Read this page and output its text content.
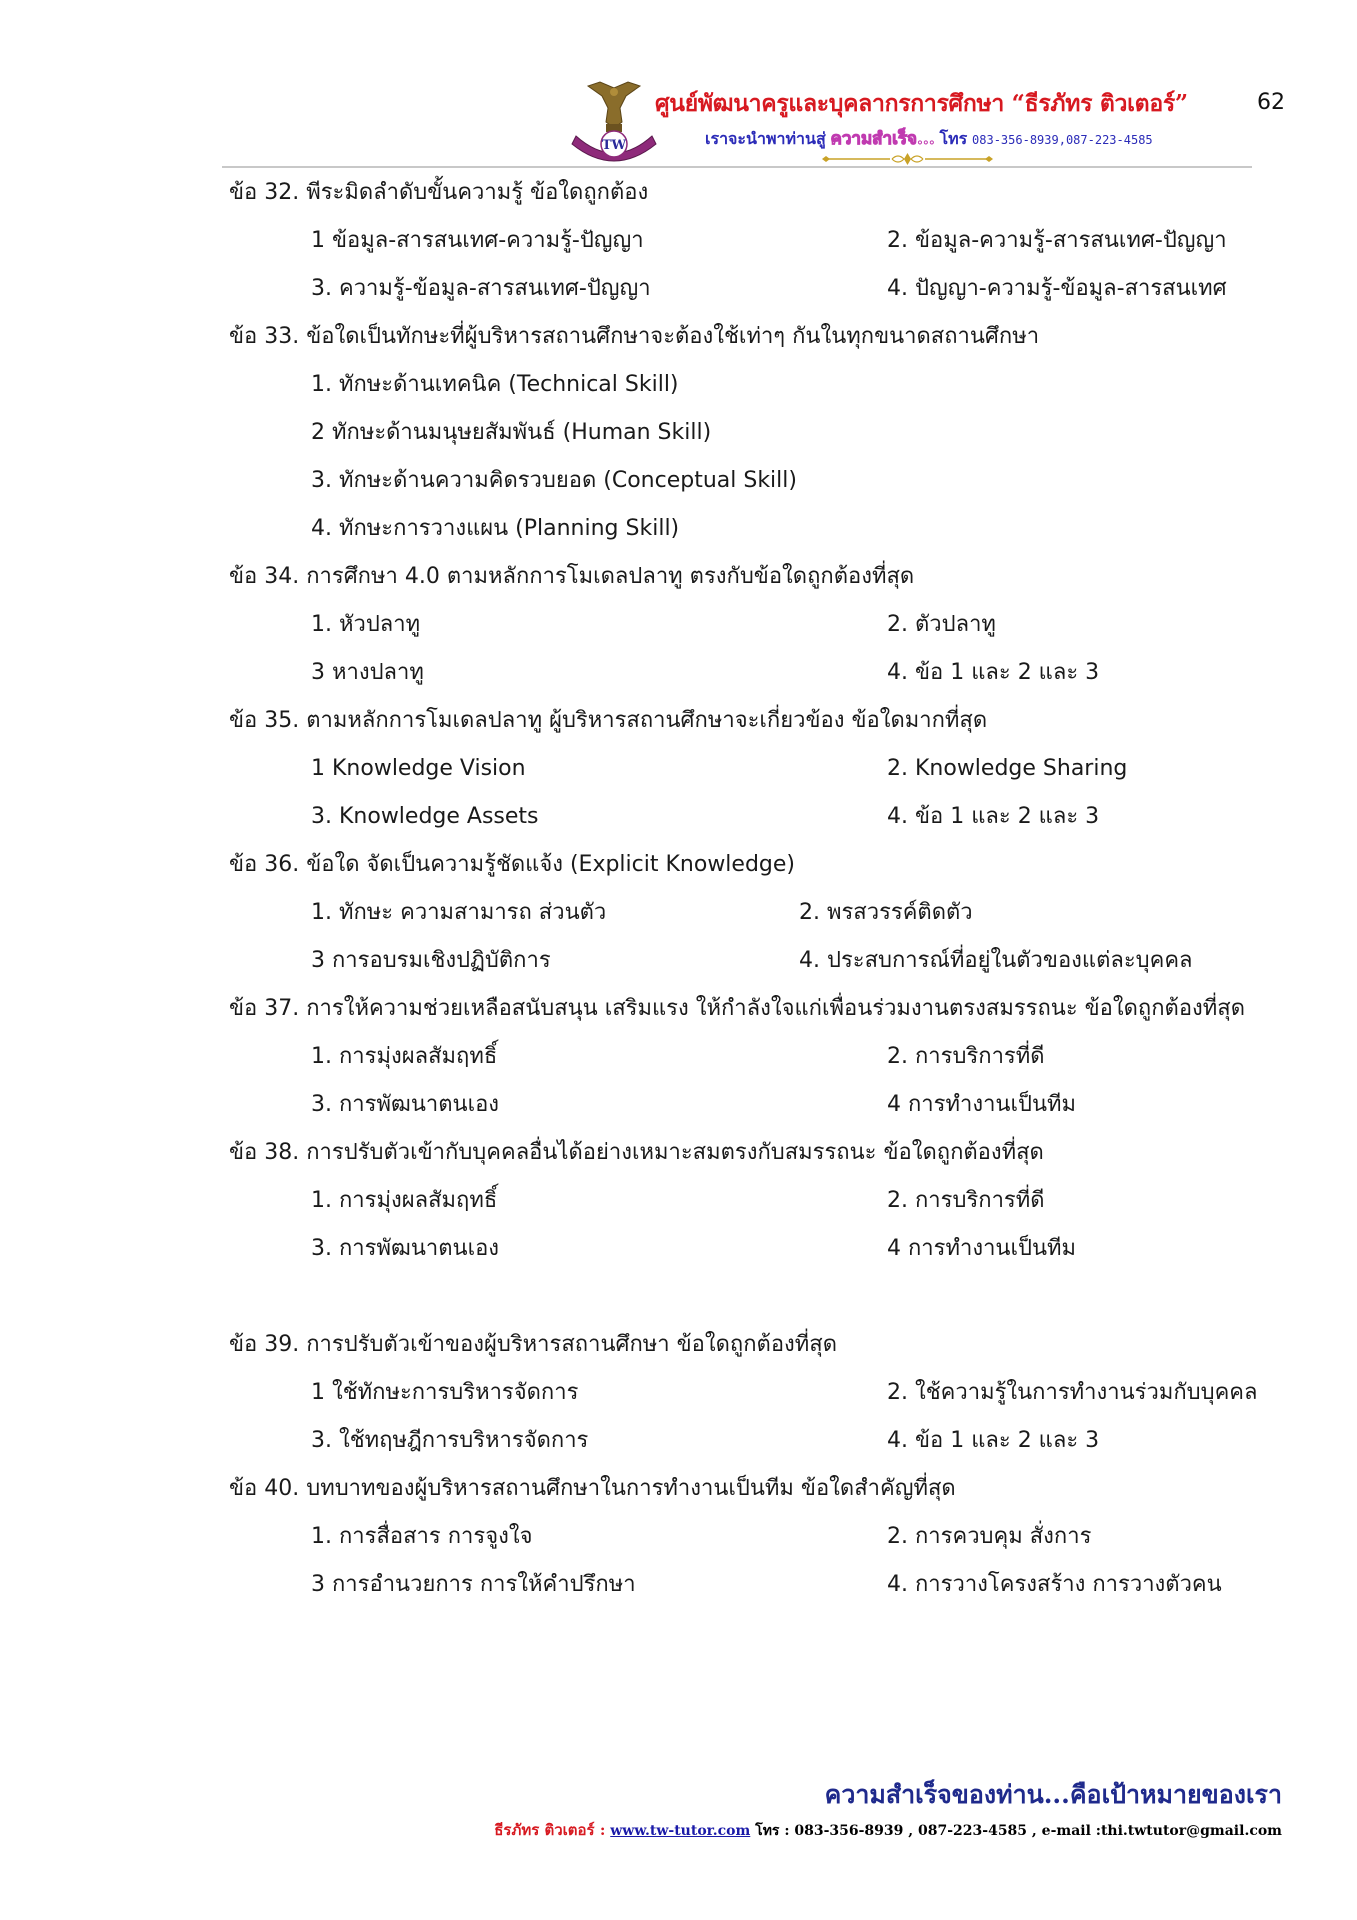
TW
ศูนย์พัฒนาครูและบุคลากรการศึกษา “ธีรภัทร ติวเตอร์”	62
เราจะนำพาท่านสู่ ความสำเร็จ... โทร 083-356-8939,087-223-4585
ข้อ 32. พีระมิดลำดับขั้นความรู้ ข้อใดถูกต้อง
1 ข้อมูล-สารสนเทศ-ความรู้-ปัญญา	2. ข้อมูล-ความรู้-สารสนเทศ-ปัญญา
3. ความรู้-ข้อมูล-สารสนเทศ-ปัญญา	4. ปัญญา-ความรู้-ข้อมูล-สารสนเทศ
ข้อ 33. ข้อใดเป็นทักษะที่ผู้บริหารสถานศึกษาจะต้องใช้เท่าๆ กันในทุกขนาดสถานศึกษา
1. ทักษะด้านเทคนิค (Technical Skill)
2 ทักษะด้านมนุษยสัมพันธ์ (Human Skill)
3. ทักษะด้านความคิดรวบยอด (Conceptual Skill)
4. ทักษะการวางแผน (Planning Skill)
ข้อ 34. การศึกษา 4.0 ตามหลักการโมเดลปลาทู ตรงกับข้อใดถูกต้องที่สุด
1. หัวปลาทู	2. ตัวปลาทู
3 หางปลาทู	4. ข้อ 1 และ 2 และ 3
ข้อ 35. ตามหลักการโมเดลปลาทู ผู้บริหารสถานศึกษาจะเกี่ยวข้อง ข้อใดมากที่สุด
1 Knowledge Vision	2. Knowledge Sharing
3. Knowledge Assets	4. ข้อ 1 และ 2 และ 3
ข้อ 36. ข้อใด จัดเป็นความรู้ชัดแจ้ง (Explicit Knowledge)
1. ทักษะ ความสามารถ ส่วนตัว	2. พรสวรรค์ติดตัว
3 การอบรมเชิงปฏิบัติการ	4. ประสบการณ์ที่อยู่ในตัวของแต่ละบุคคล
ข้อ 37. การให้ความช่วยเหลือสนับสนุน เสริมแรง ให้กำลังใจแก่เพื่อนร่วมงานตรงสมรรถนะ ข้อใดถูกต้องที่สุด
1. การมุ่งผลสัมฤทธิ์	2. การบริการที่ดี
3. การพัฒนาตนเอง	4 การทำงานเป็นทีม
ข้อ 38. การปรับตัวเข้ากับบุคคลอื่นได้อย่างเหมาะสมตรงกับสมรรถนะ ข้อใดถูกต้องที่สุด
1. การมุ่งผลสัมฤทธิ์	2. การบริการที่ดี
3. การพัฒนาตนเอง	4 การทำงานเป็นทีม
ข้อ 39. การปรับตัวเข้าของผู้บริหารสถานศึกษา ข้อใดถูกต้องที่สุด
1 ใช้ทักษะการบริหารจัดการ	2. ใช้ความรู้ในการทำงานร่วมกับบุคคล
3. ใช้ทฤษฎีการบริหารจัดการ	4. ข้อ 1 และ 2 และ 3
ข้อ 40. บทบาทของผู้บริหารสถานศึกษาในการทำงานเป็นทีม ข้อใดสำคัญที่สุด
1. การสื่อสาร การจูงใจ	2. การควบคุม สั่งการ
3 การอำนวยการ การให้คำปรึกษา	4. การวางโครงสร้าง การวางตัวคน
ความสำเร็จของท่าน...คือเป้าหมายของเรา
ธีรภัทร ติวเตอร์ : www.tw-tutor.com โทร : 083-356-8939 , 087-223-4585 , e-mail :thi.twtutor@gmail.com
